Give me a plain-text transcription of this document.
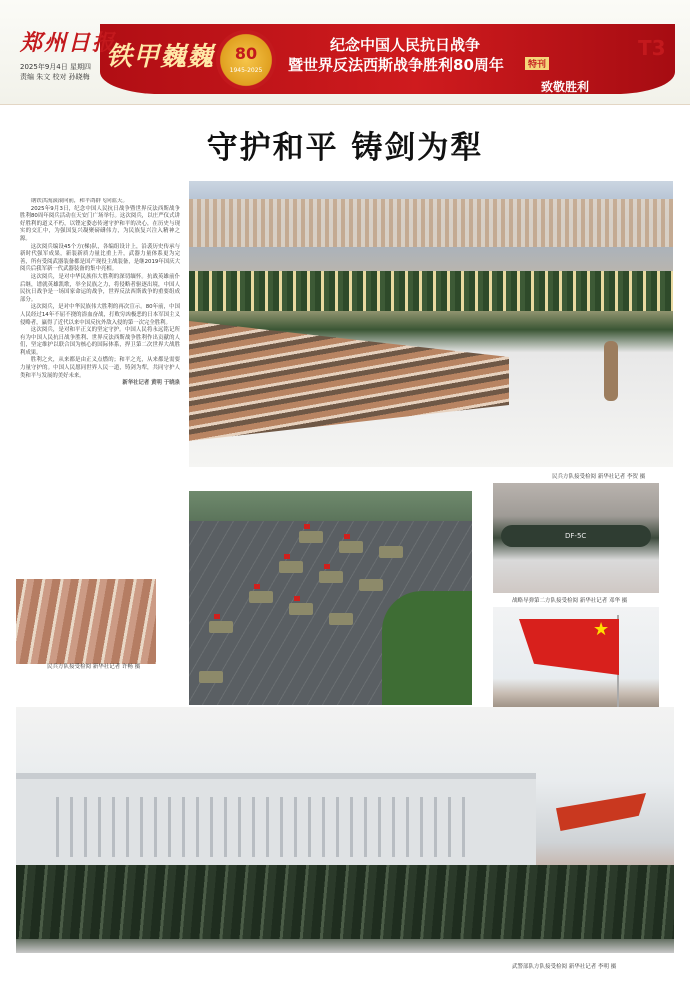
郑州日报
2025年9月4日 星期四 责编 朱文 校对 孙晓梅
铁甲巍巍	80
1945-2025
纪念中国人民抗日战争
暨世界反法西斯战争胜利80周年	特刊
致敬胜利
T3
守护和平 铸剑为犁

钢铁洪流滚滚向前，和平鸽群飞向蓝天。

2025年9月3日，纪念中国人民抗日战争暨世界反法西斯战争胜利80周年阅兵活动在天安门广场举行。这次阅兵，以庄严仪式讲好胜利的道义不朽，以铿定姿态传递守护和平的决心，在历史与现实的交汇中，为强国复兴凝聚磅礴伟力，为民族复兴注入精神之源。

这次阅兵编设45个方(梯)队，各编组设计上，沿袭历史传承与新时代强军成果，新装新质力量比重上升，武器力量体系更为完善，所有受阅武器装备都是国产现役主战装备，是继2019年国庆大阅兵后我军新一代武器装备的集中亮相。

这次阅兵，是对中华民族伟大胜利的深切缅怀。抗战英雄前仆后继，谱就英雄凯歌，举全民族之力，将侵略者驱逐出境，中国人民抗日战争是一场国家命运的战争，世界反法西斯战争的重要组成部分。

这次阅兵，是对中华民族伟大胜利的再次宣示。80年前，中国人民经过14年不屈不挠的浴血奋战，打败穷凶极恶的日本军国主义侵略者，赢得了近代以来中国反抗外敌入侵的第一次完全胜利。

这次阅兵，是对和平正义的坚定守护。中国人民将永远铭记所有为中国人民抗日战争胜利、世界反法西斯战争胜利作出贡献的人们，坚定维护以联合国为核心的国际体系，捍卫第二次世界大战胜利成果。

胜利之火，从来都是由正义点燃的；和平之光，从来都是需要力量守护的。中国人民愿同世界人民一道，铸剑为犁，共同守护人类和平与发展的美好未来。

新华社记者 黄明 于晓泉

民兵方队接受检阅 新华社记者 李贺 摄
DF-5C
战略导弹第二方队接受检阅 新华社记者 邓华 摄
★
民兵方队接受检阅 新华社记者 许畅 摄
武警部队方队接受检阅 新华社记者 李明 摄
